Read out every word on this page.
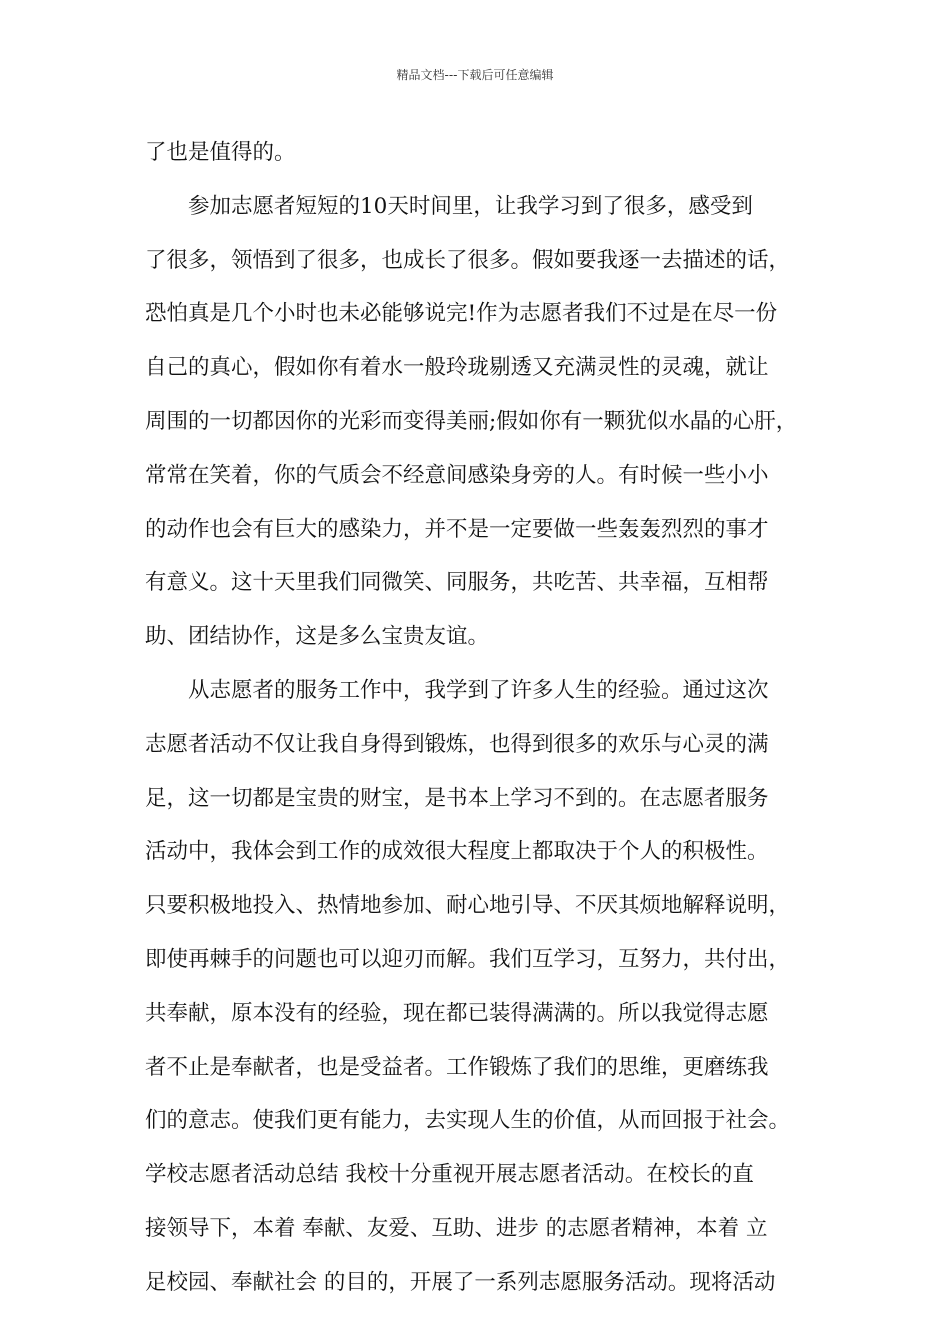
精品文档---下载后可任意编辑
了也是值得的。
　　参加志愿者短短的10天时间里，让我学习到了很多，感受到
了很多，领悟到了很多，也成长了很多。假如要我逐一去描述的话，
恐怕真是几个小时也未必能够说完!作为志愿者我们不过是在尽一份
自己的真心，假如你有着水一般玲珑剔透又充满灵性的灵魂，就让
周围的一切都因你的光彩而变得美丽;假如你有一颗犹似水晶的心肝，
常常在笑着，你的气质会不经意间感染身旁的人。有时候一些小小
的动作也会有巨大的感染力，并不是一定要做一些轰轰烈烈的事才
有意义。这十天里我们同微笑、同服务，共吃苦、共幸福，互相帮
助、团结协作，这是多么宝贵友谊。
　　从志愿者的服务工作中，我学到了许多人生的经验。通过这次
志愿者活动不仅让我自身得到锻炼，也得到很多的欢乐与心灵的满
足，这一切都是宝贵的财宝，是书本上学习不到的。在志愿者服务
活动中，我体会到工作的成效很大程度上都取决于个人的积极性。
只要积极地投入、热情地参加、耐心地引导、不厌其烦地解释说明，
即使再棘手的问题也可以迎刃而解。我们互学习，互努力，共付出，
共奉献，原本没有的经验，现在都已装得满满的。所以我觉得志愿
者不止是奉献者，也是受益者。工作锻炼了我们的思维，更磨练我
们的意志。使我们更有能力，去实现人生的价值，从而回报于社会。
学校志愿者活动总结 我校十分重视开展志愿者活动。在校长的直
接领导下，本着 奉献、友爱、互助、进步 的志愿者精神，本着 立
足校园、奉献社会 的目的，开展了一系列志愿服务活动。现将活动
